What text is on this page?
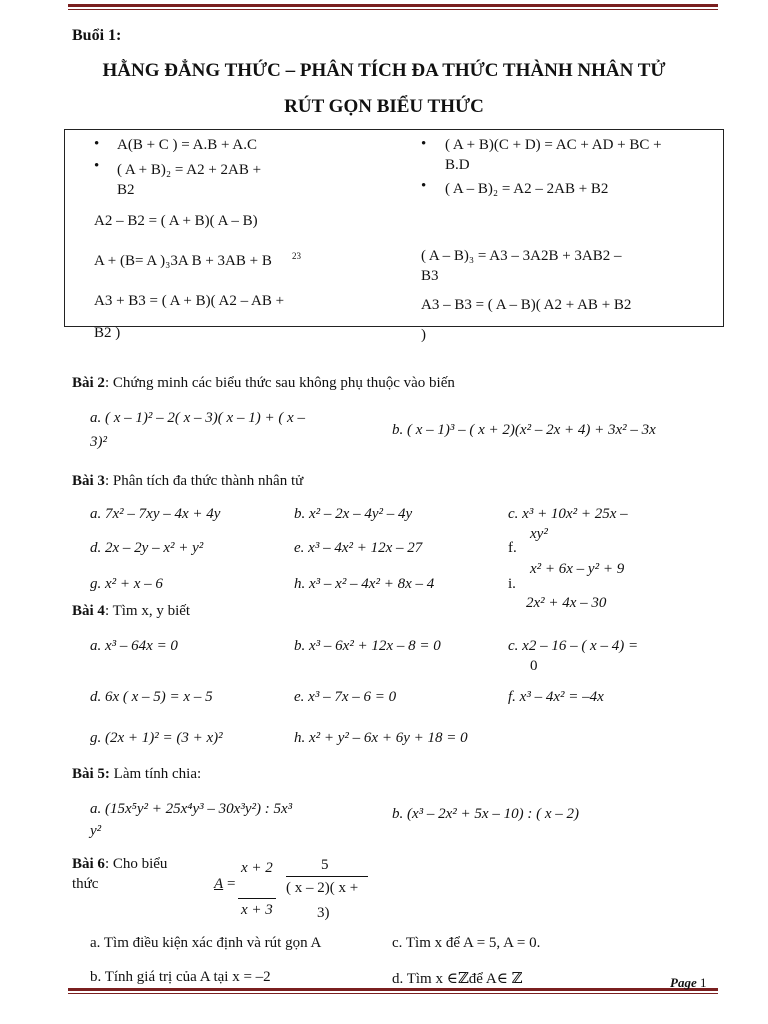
Buổi 1:
HẰNG ĐẲNG THỨC – PHÂN TÍCH ĐA THỨC THÀNH NHÂN TỬ
RÚT GỌN BIỂU THỨC
• A(B + C ) = A.B + A.C
• ( A + B)₂ = A2 + 2AB +
B2
A2 – B2 = ( A + B)( A – B)
A + (B= A )₃3A B + 3AB + B 23
A3 + B3 = ( A + B)( A2 – AB +
B2 )
• ( A + B)(C + D) = AC + AD + BC +
B.D
• ( A – B)₂ = A2 – 2AB + B2
( A – B)₃ = A3 – 3A2B + 3AB2 –
B3
A3 – B3 = ( A – B)( A2 + AB + B2
)
Bài 2: Chứng minh các biểu thức sau không phụ thuộc vào biến
a. ( x – 1)² – 2( x – 3)( x – 1) + ( x –
3)²
b. ( x – 1)³ – ( x + 2)(x² – 2x + 4) + 3x² – 3x
Bài 3: Phân tích đa thức thành nhân tử
a. 7x² – 7xy – 4x + 4y	b. x² – 2x – 4y² – 4y	c. x³ + 10x² + 25x –
xy²
d. 2x – 2y – x² + y²	e. x³ – 4x² + 12x – 27	f.
x² + 6x – y² + 9
g. x² + x – 6	h. x³ – x² – 4x² + 8x – 4	i.
2x² + 4x – 30
Bài 4: Tìm x, y biết
a. x³ – 64x = 0	b. x³ – 6x² + 12x – 8 = 0	c. x2 – 16 – ( x – 4) =
0
d. 6x ( x – 5) = x – 5	e. x³ – 7x – 6 = 0	f. x³ – 4x² = –4x
g. (2x + 1)² = (3 + x)²	h. x² + y² – 6x + 6y + 18 = 0
Bài 5: Làm tính chia:
a. (15x⁵y² + 25x⁴y³ – 30x³y²) : 5x³
y²
b. (x³ – 2x² + 5x – 10) : ( x – 2)
Bài 6: Cho biểu
thức	A =
x + 2
x + 3
5
( x – 2)( x +
3)
a. Tìm điều kiện xác định và rút gọn A	c. Tìm x để A = 5, A = 0.
b. Tính giá trị của A tại x = –2	d. Tìm x ∈ℤđể A∈ ℤ	Page 1
